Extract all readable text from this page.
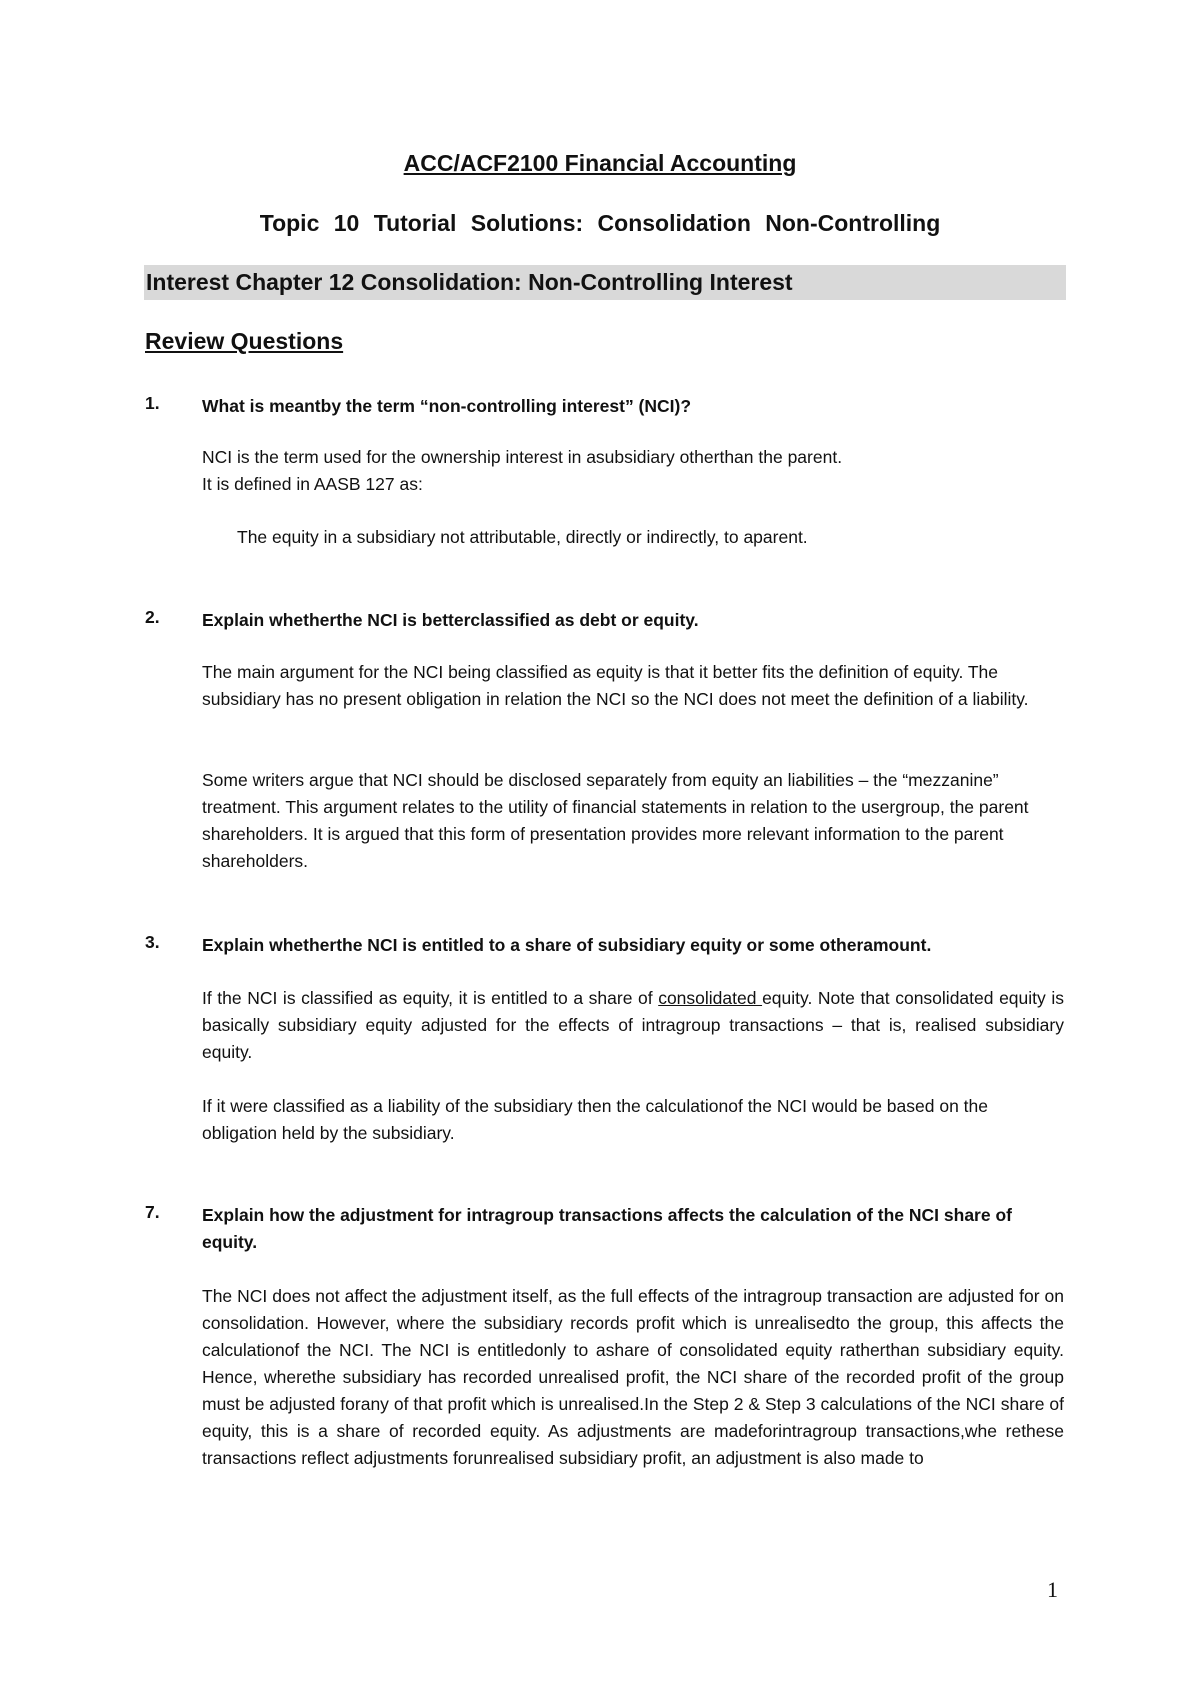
ACC/ACF2100 Financial Accounting
Topic 10 Tutorial Solutions: Consolidation Non-Controlling
Interest Chapter 12 Consolidation: Non-Controlling Interest
Review Questions
1. What is meantby the term “non-controlling interest” (NCI)?
NCI is the term used for the ownership interest in asubsidiary otherthan the parent.
It is defined in AASB 127 as:
The equity in a subsidiary not attributable, directly or indirectly, to aparent.
2. Explain whetherthe NCI is betterclassified as debt or equity.
The main argument for the NCI being classified as equity is that it better fits the definition of equity. The subsidiary has no present obligation in relation the NCI so the NCI does not meet the definition of a liability.
Some writers argue that NCI should be disclosed separately from equity an liabilities – the “mezzanine” treatment. This argument relates to the utility of financial statements in relation to the usergroup, the parent shareholders. It is argued that this form of presentation provides more relevant information to the parent shareholders.
3. Explain whetherthe NCI is entitled to a share of subsidiary equity or some otheramount.
If the NCI is classified as equity, it is entitled to a share of consolidated equity. Note that consolidated equity is basically subsidiary equity adjusted for the effects of intragroup transactions – that is, realised subsidiary equity.
If it were classified as a liability of the subsidiary then the calculationof the NCI would be based on the obligation held by the subsidiary.
7. Explain how the adjustment for intragroup transactions affects the calculation of the NCI share of equity.
The NCI does not affect the adjustment itself, as the full effects of the intragroup transaction are adjusted for on consolidation. However, where the subsidiary records profit which is unrealisedto the group, this affects the calculationof the NCI. The NCI is entitledonly to ashare of consolidated equity ratherthan subsidiary equity. Hence, wherethe subsidiary has recorded unrealised profit, the NCI share of the recorded profit of the group must be adjusted forany of that profit which is unrealised.In the Step 2 & Step 3 calculations of the NCI share of equity, this is a share of recorded equity. As adjustments are madeforintragroup transactions,whe rethese transactions reflect adjustments forunrealised subsidiary profit, an adjustment is also made to
1
